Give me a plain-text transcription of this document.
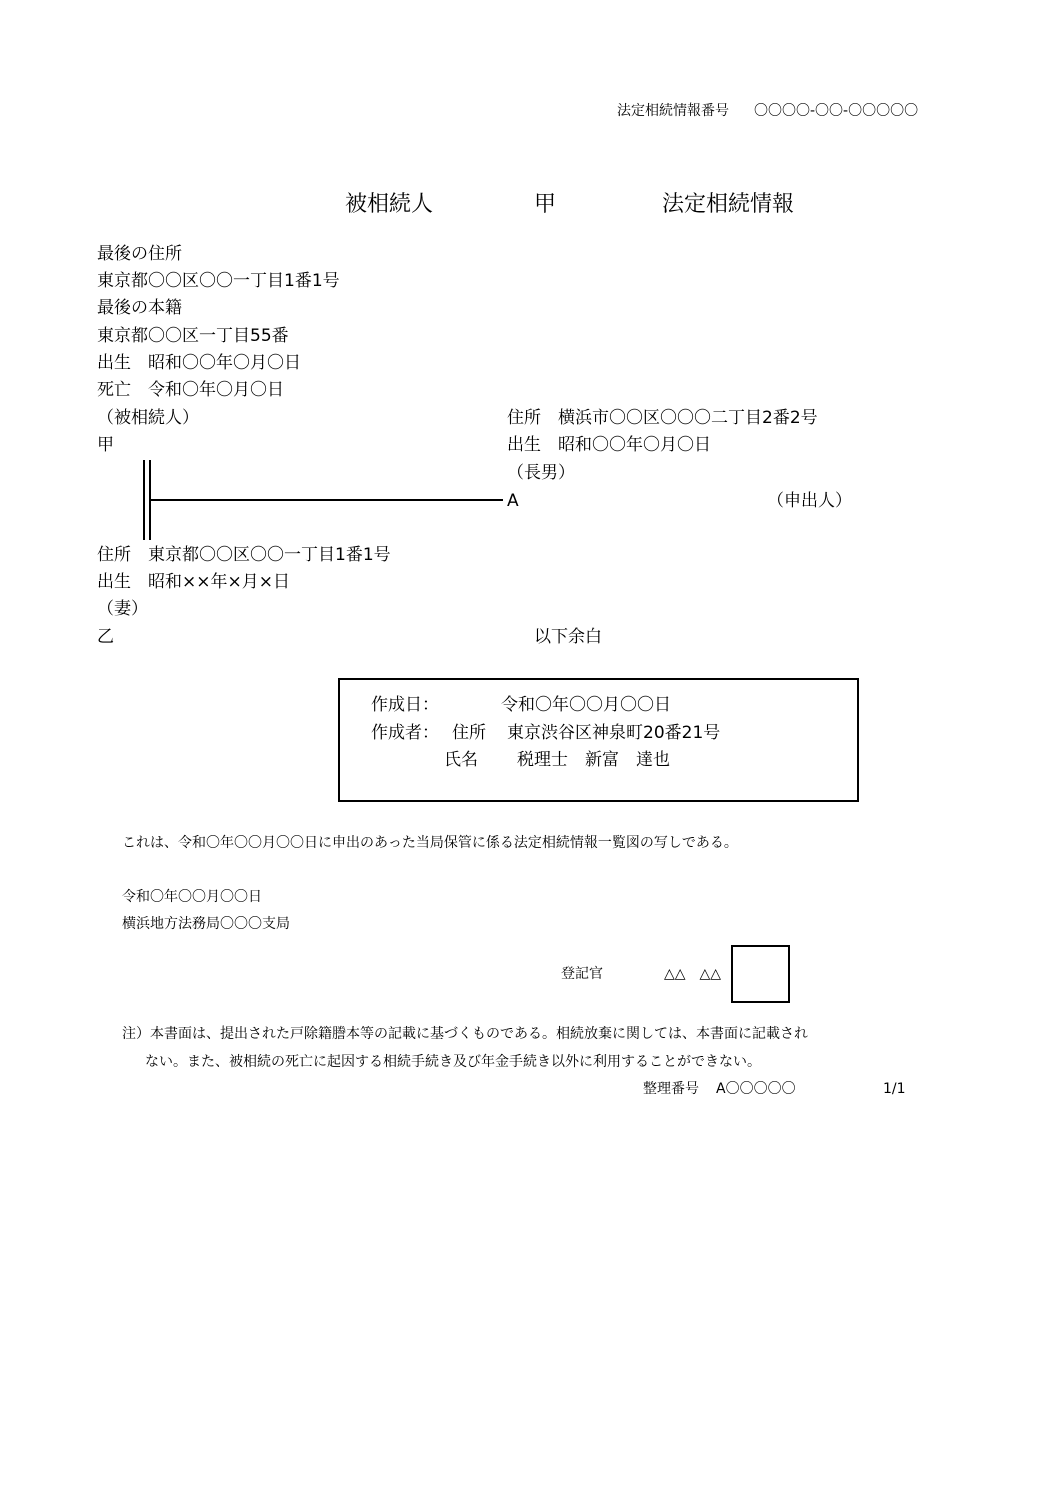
法定相続情報番号 〇〇〇〇-〇〇-〇〇〇〇〇
被相続人	甲	法定相続情報
最後の住所
東京都〇〇区〇〇一丁目1番1号
最後の本籍
東京都〇〇区一丁目55番
出生　昭和〇〇年〇月〇日
死亡　令和〇年〇月〇日
（被相続人）
甲
住所　横浜市〇〇区〇〇〇二丁目2番2号
出生　昭和〇〇年〇月〇日
（長男）
A	（申出人）
住所　東京都〇〇区〇〇一丁目1番1号
出生　昭和××年×月×日
（妻）
乙	以下余白
作成日：	令和〇年〇〇月〇〇日
作成者： 住所 東京渋谷区神泉町20番21号
氏名 税理士　新富　達也
これは、令和〇年〇〇月〇〇日に申出のあった当局保管に係る法定相続情報一覧図の写しである。
令和〇年〇〇月〇〇日
横浜地方法務局〇〇〇支局
登記官	△△　△△
注）本書面は、提出された戸除籍謄本等の記載に基づくものである。相続放棄に関しては、本書面に記載され
ない。また、被相続の死亡に起因する相続手続き及び年金手続き以外に利用することができない。
整理番号 A〇〇〇〇〇	1/1
